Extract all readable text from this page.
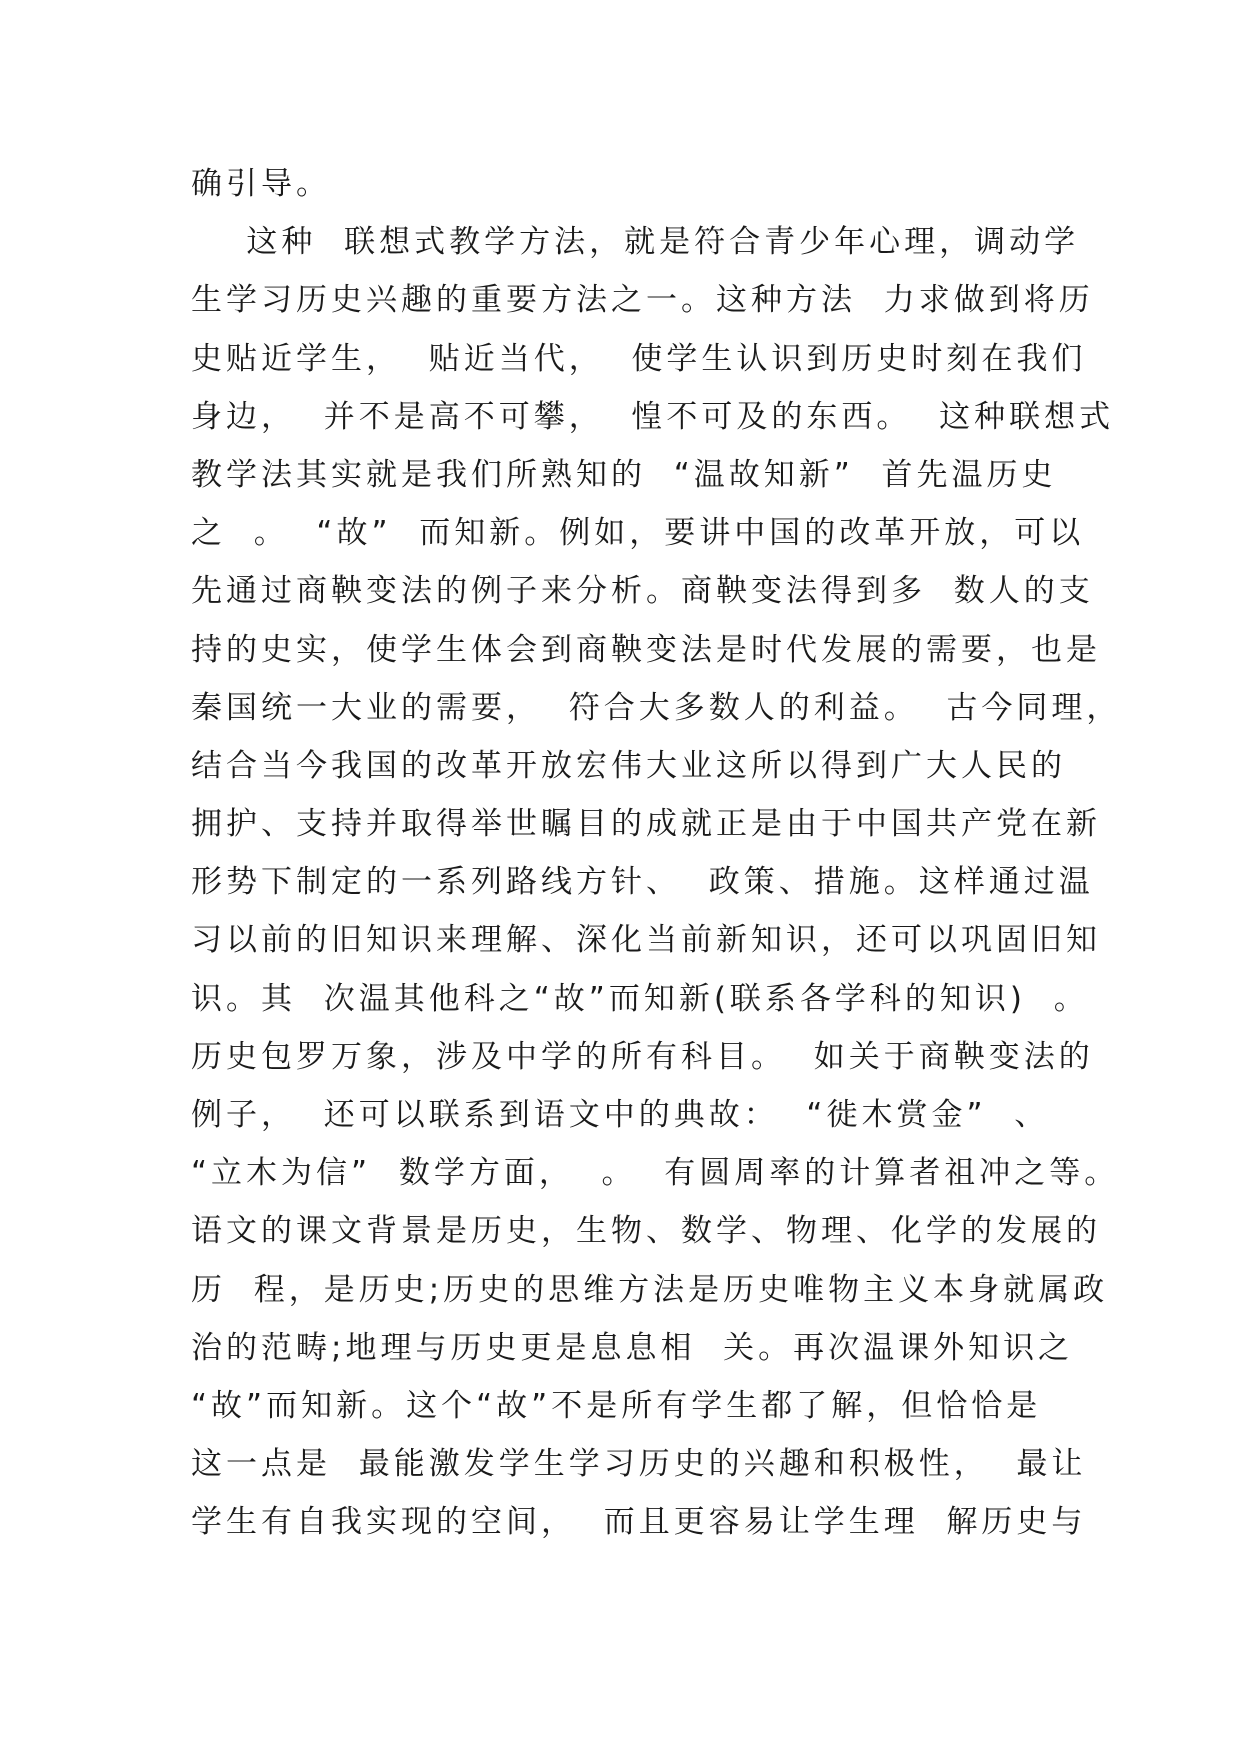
确引导。
这种  联想式教学方法，就是符合青少年心理，调动学
生学习历史兴趣的重要方法之一。这种方法  力求做到将历
史贴近学生，  贴近当代，  使学生认识到历史时刻在我们
身边，  并不是高不可攀，  惶不可及的东西。  这种联想式
教学法其实就是我们所熟知的  “温故知新”  首先温历史
之  。  “故”  而知新。例如，要讲中国的改革开放，可以
先通过商鞅变法的例子来分析。商鞅变法得到多  数人的支
持的史实，使学生体会到商鞅变法是时代发展的需要，也是
秦国统一大业的需要，  符合大多数人的利益。  古今同理，
结合当今我国的改革开放宏伟大业这所以得到广大人民的
拥护、支持并取得举世瞩目的成就正是由于中国共产党在新
形势下制定的一系列路线方针、  政策、措施。这样通过温
习以前的旧知识来理解、深化当前新知识，还可以巩固旧知
识。其  次温其他科之“故”而知新(联系各学科的知识)  。
历史包罗万象，涉及中学的所有科目。  如关于商鞅变法的
例子，  还可以联系到语文中的典故：  “徙木赏金”  、
“立木为信”  数学方面，  。  有圆周率的计算者祖冲之等。
语文的课文背景是历史，生物、数学、物理、化学的发展的
历  程，是历史;历史的思维方法是历史唯物主义本身就属政
治的范畴;地理与历史更是息息相  关。再次温课外知识之
“故”而知新。这个“故”不是所有学生都了解，但恰恰是
这一点是  最能激发学生学习历史的兴趣和积极性，  最让
学生有自我实现的空间，  而且更容易让学生理  解历史与
